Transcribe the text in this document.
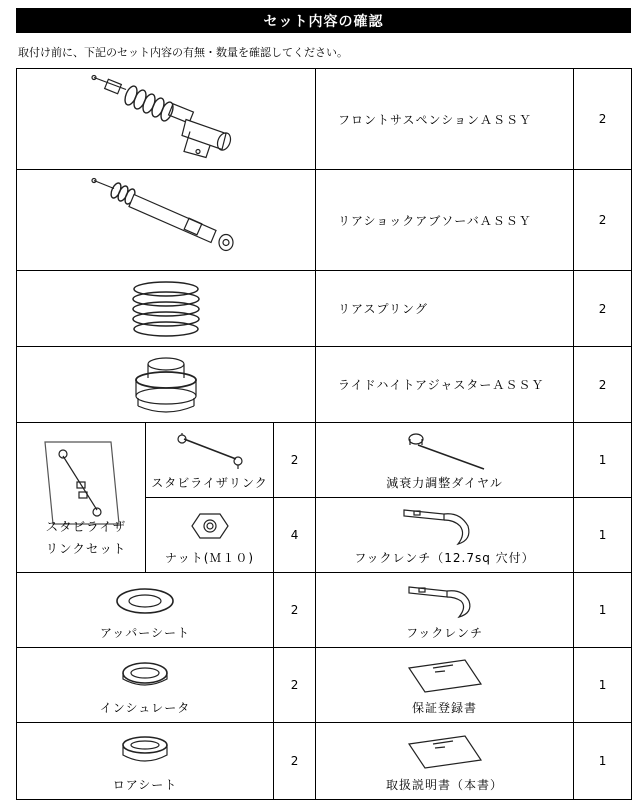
セット内容の確認
取付け前に、下記のセット内容の有無・数量を確認してください。
	フロントサスペンションＡＳＳＹ	2

	リアショックアブソーバＡＳＳＹ	2

	リアスプリング	2

	ライドハイトアジャスターＡＳＳＹ	2

スタビライザ
リンクセット	スタビライザリンク	2	減衰力調整ダイヤル	1

	ナット(Ｍ１０)	4	フックレンチ（12.7sq 穴付）	1

アッパーシート		2	フックレンチ	1

インシュレータ		2	保証登録書	1

ロアシート		2	取扱説明書（本書）	1
